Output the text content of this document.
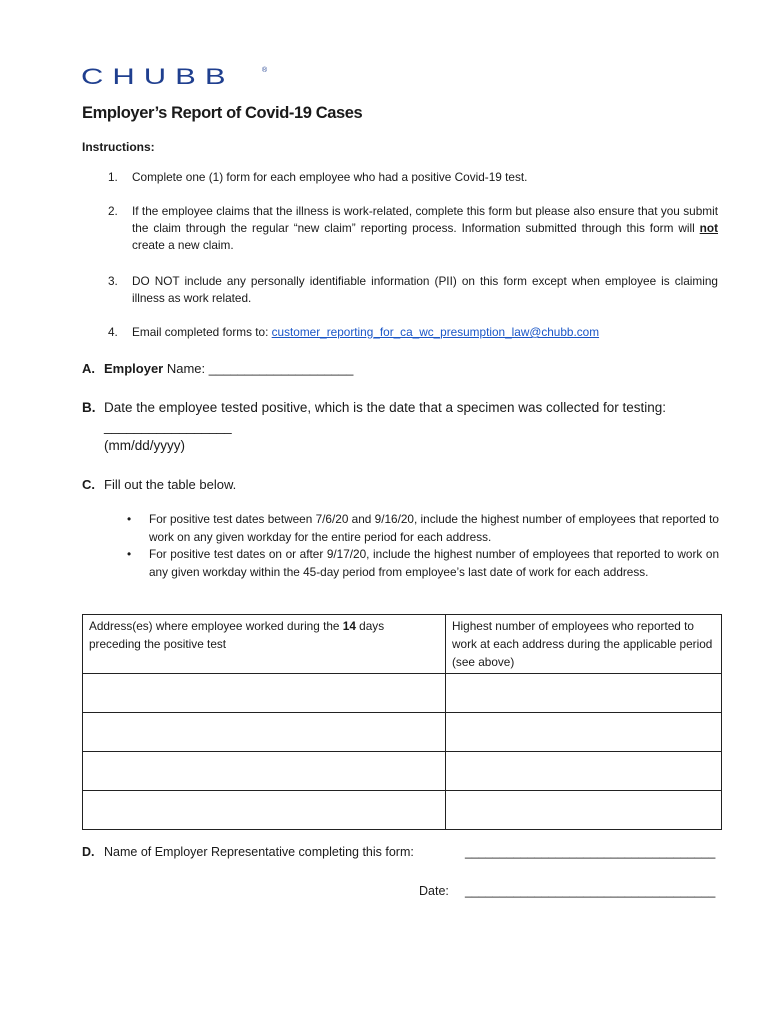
CHUBB	®
Employer’s Report of Covid-19 Cases
Instructions:
1. Complete one (1) form for each employee who had a positive Covid-19 test.
2. If the employee claims that the illness is work-related, complete this form but please also ensure that you submit the claim through the regular “new claim” reporting process. Information submitted through this form will not create a new claim.
3. DO NOT include any personally identifiable information (PII) on this form except when employee is claiming illness as work related.
4. Email completed forms to: customer_reporting_for_ca_wc_presumption_law@chubb.com
A. Employer Name: ____________________
B. Date the employee tested positive, which is the date that a specimen was collected for testing:
_________________
(mm/dd/yyyy)
C. Fill out the table below.
• For positive test dates between 7/6/20 and 9/16/20, include the highest number of employees that reported to work on any given workday for the entire period for each address.
• For positive test dates on or after 9/17/20, include the highest number of employees that reported to work on any given workday within the 45-day period from employee’s last date of work for each address.
Address(es) where employee worked during the 14 days preceding the positive test	Highest number of employees who reported to work at each address during the applicable period (see above)

D. Name of Employer Representative completing this form:	____________________________________
Date: ____________________________________
